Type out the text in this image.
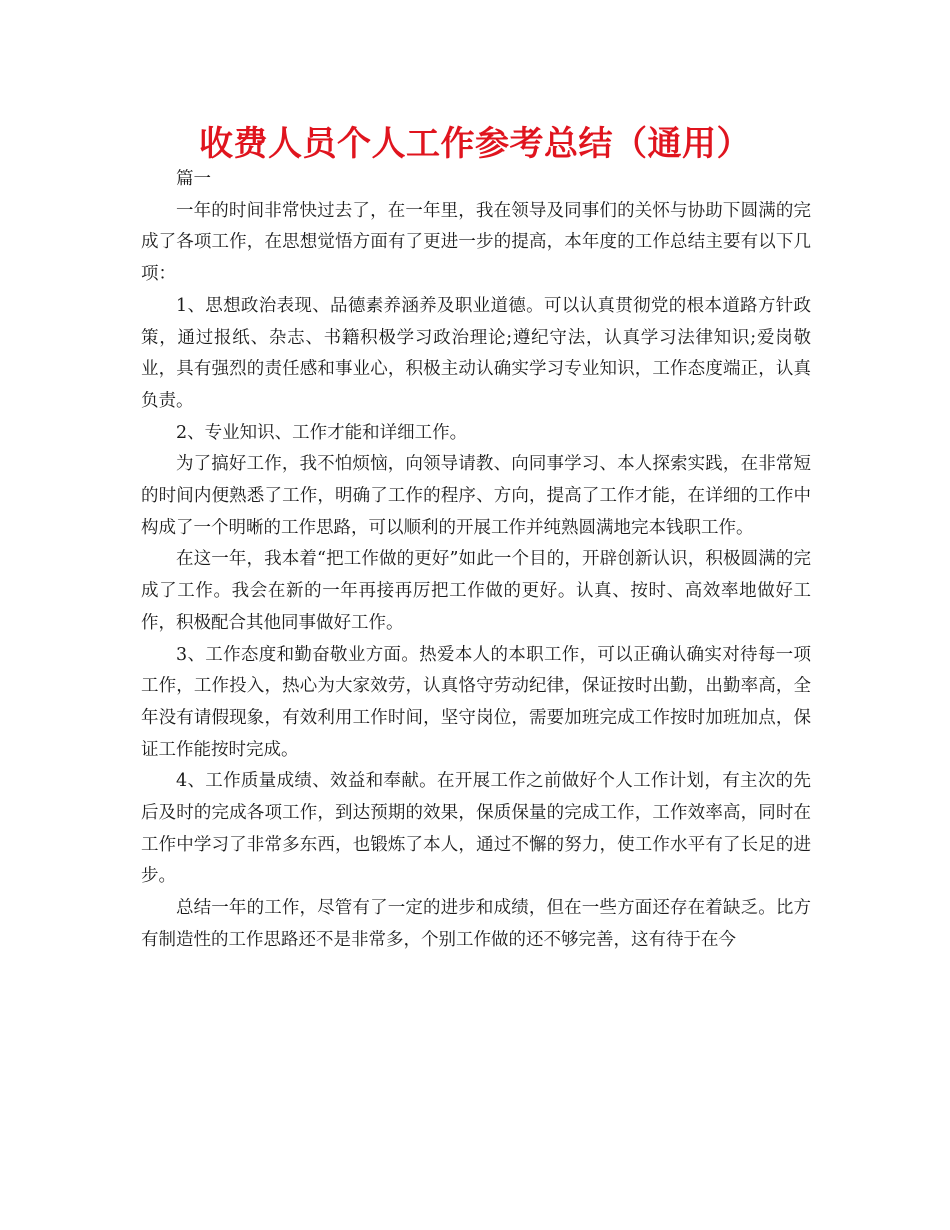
收费人员个人工作参考总结（通用）

篇一

一年的时间非常快过去了，在一年里，我在领导及同事们的关怀与协助下圆满的完成了各项工作，在思想觉悟方面有了更进一步的提高，本年度的工作总结主要有以下几项：

1、思想政治表现、品德素养涵养及职业道德。可以认真贯彻党的根本道路方针政策，通过报纸、杂志、书籍积极学习政治理论;遵纪守法，认真学习法律知识;爱岗敬业，具有强烈的责任感和事业心，积极主动认确实学习专业知识，工作态度端正，认真负责。

2、专业知识、工作才能和详细工作。

为了搞好工作，我不怕烦恼，向领导请教、向同事学习、本人探索实践，在非常短的时间内便熟悉了工作，明确了工作的程序、方向，提高了工作才能，在详细的工作中构成了一个明晰的工作思路，可以顺利的开展工作并纯熟圆满地完本钱职工作。

在这一年，我本着“把工作做的更好”如此一个目的，开辟创新认识，积极圆满的完成了工作。我会在新的一年再接再厉把工作做的更好。认真、按时、高效率地做好工作，积极配合其他同事做好工作。

3、工作态度和勤奋敬业方面。热爱本人的本职工作，可以正确认确实对待每一项工作，工作投入，热心为大家效劳，认真恪守劳动纪律，保证按时出勤，出勤率高，全年没有请假现象，有效利用工作时间，坚守岗位，需要加班完成工作按时加班加点，保证工作能按时完成。

4、工作质量成绩、效益和奉献。在开展工作之前做好个人工作计划，有主次的先后及时的完成各项工作，到达预期的效果，保质保量的完成工作，工作效率高，同时在工作中学习了非常多东西，也锻炼了本人，通过不懈的努力，使工作水平有了长足的进步。

总结一年的工作，尽管有了一定的进步和成绩，但在一些方面还存在着缺乏。比方有制造性的工作思路还不是非常多，个别工作做的还不够完善，这有待于在今
